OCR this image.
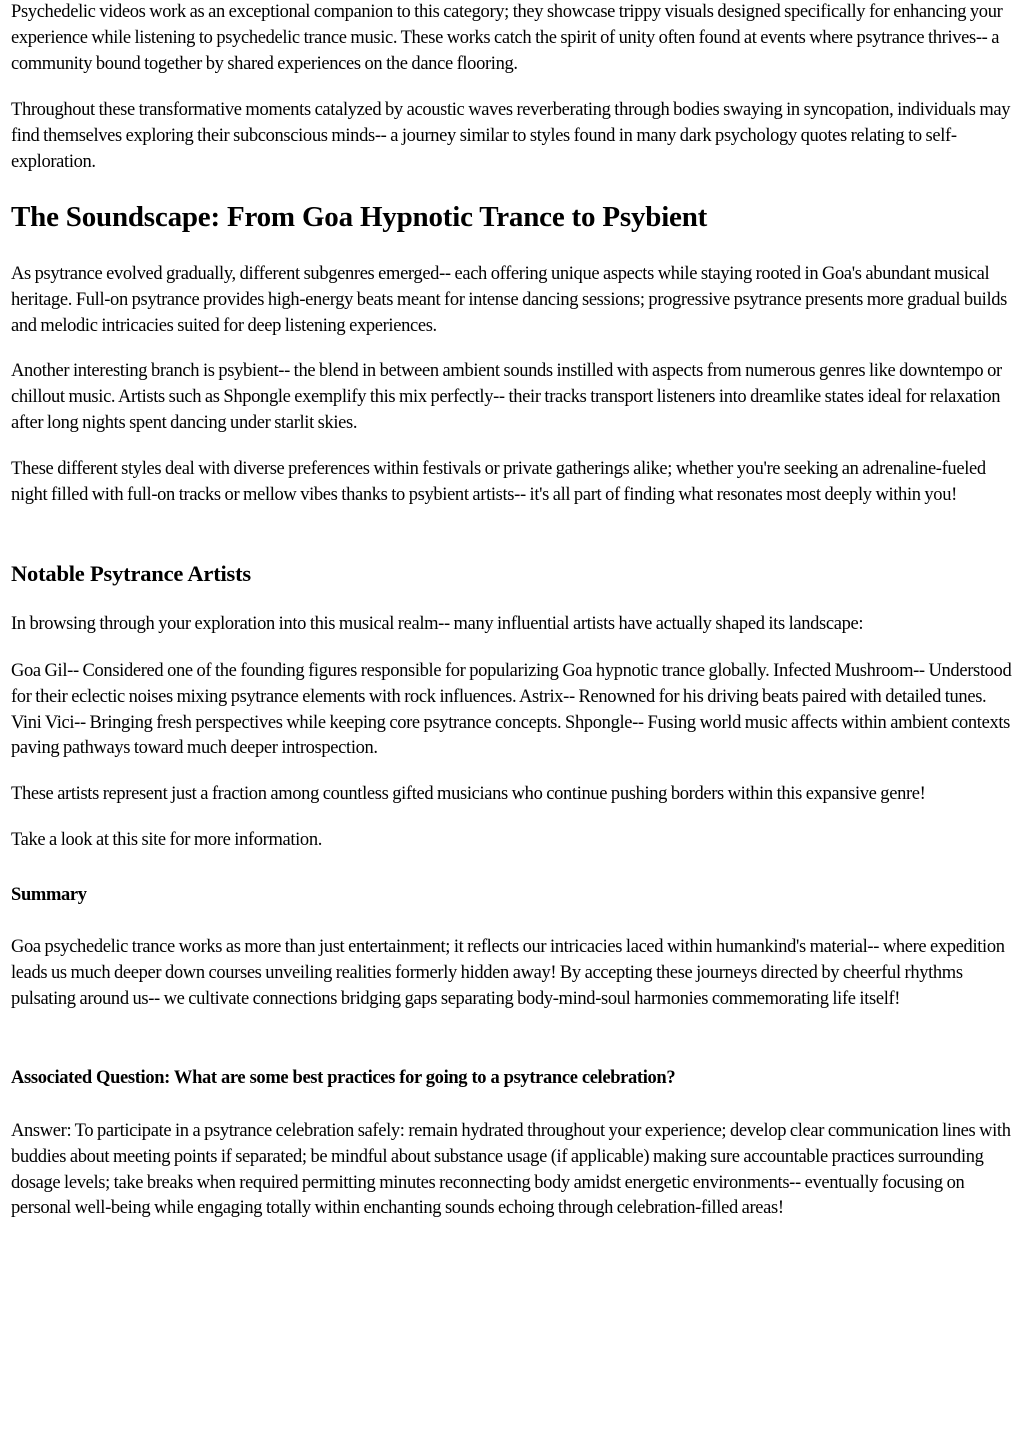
Psychedelic videos work as an exceptional companion to this category; they showcase trippy visuals designed specifically for enhancing your experience while listening to psychedelic trance music. These works catch the spirit of unity often found at events where psytrance thrives-- a community bound together by shared experiences on the dance flooring.

Throughout these transformative moments catalyzed by acoustic waves reverberating through bodies swaying in syncopation, individuals may find themselves exploring their subconscious minds-- a journey similar to styles found in many dark psychology quotes relating to self-exploration.

The Soundscape: From Goa Hypnotic Trance to Psybient

As psytrance evolved gradually, different subgenres emerged-- each offering unique aspects while staying rooted in Goa's abundant musical heritage. Full-on psytrance provides high-energy beats meant for intense dancing sessions; progressive psytrance presents more gradual builds and melodic intricacies suited for deep listening experiences.

Another interesting branch is psybient-- the blend in between ambient sounds instilled with aspects from numerous genres like downtempo or chillout music. Artists such as Shpongle exemplify this mix perfectly-- their tracks transport listeners into dreamlike states ideal for relaxation after long nights spent dancing under starlit skies.

These different styles deal with diverse preferences within festivals or private gatherings alike; whether you're seeking an adrenaline-fueled night filled with full-on tracks or mellow vibes thanks to psybient artists-- it's all part of finding what resonates most deeply within you!

Notable Psytrance Artists

In browsing through your exploration into this musical realm-- many influential artists have actually shaped its landscape:

Goa Gil-- Considered one of the founding figures responsible for popularizing Goa hypnotic trance globally. Infected Mushroom-- Understood for their eclectic noises mixing psytrance elements with rock influences. Astrix-- Renowned for his driving beats paired with detailed tunes. Vini Vici-- Bringing fresh perspectives while keeping core psytrance concepts. Shpongle-- Fusing world music affects within ambient contexts paving pathways toward much deeper introspection.

These artists represent just a fraction among countless gifted musicians who continue pushing borders within this expansive genre!

Take a look at this site for more information.

Summary

Goa psychedelic trance works as more than just entertainment; it reflects our intricacies laced within humankind's material-- where expedition leads us much deeper down courses unveiling realities formerly hidden away! By accepting these journeys directed by cheerful rhythms pulsating around us-- we cultivate connections bridging gaps separating body-mind-soul harmonies commemorating life itself!

Associated Question: What are some best practices for going to a psytrance celebration?

Answer: To participate in a psytrance celebration safely: remain hydrated throughout your experience; develop clear communication lines with buddies about meeting points if separated; be mindful about substance usage (if applicable) making sure accountable practices surrounding dosage levels; take breaks when required permitting minutes reconnecting body amidst energetic environments-- eventually focusing on personal well-being while engaging totally within enchanting sounds echoing through celebration-filled areas!
